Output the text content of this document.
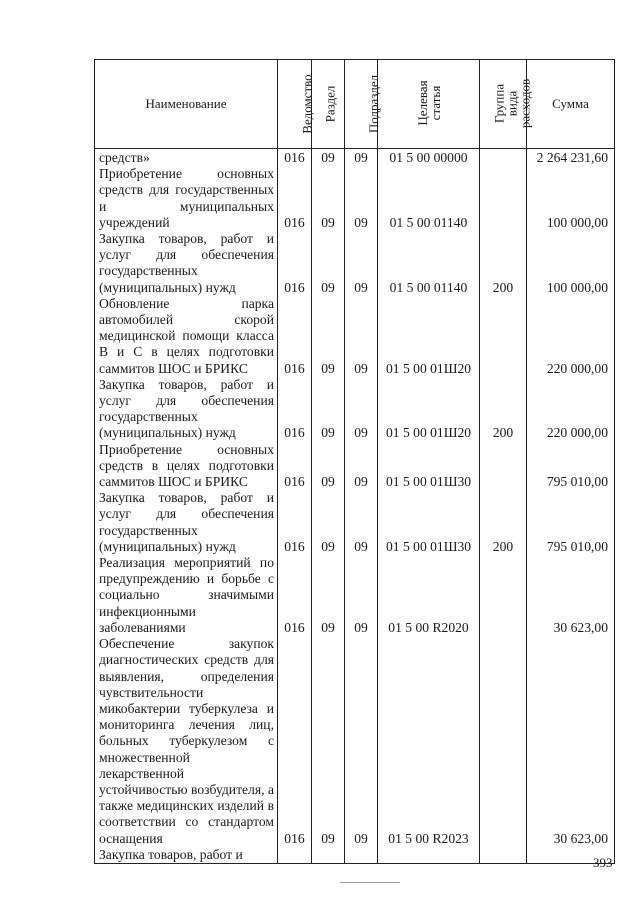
Наименование	Ведомство	Раздел	Подраздел	Целевая статья	Группа вида расходов	Сумма
средств»	016	09	09	01 5 00 00000		2 264 231,60
Приобретение основных средств для государственных и муниципальных учреждений	016	09	09	01 5 00 01140		100 000,00
Закупка товаров, работ и услуг для обеспечения государственных (муниципальных) нужд	016	09	09	01 5 00 01140	200	100 000,00
Обновление парка автомобилей скорой медицинской помощи класса B и C в целях подготовки саммитов ШОС и БРИКС	016	09	09	01 5 00 01Ш20		220 000,00
Закупка товаров, работ и услуг для обеспечения государственных (муниципальных) нужд	016	09	09	01 5 00 01Ш20	200	220 000,00
Приобретение основных средств в целях подготовки саммитов ШОС и БРИКС	016	09	09	01 5 00 01Ш30		795 010,00
Закупка товаров, работ и услуг для обеспечения государственных (муниципальных) нужд	016	09	09	01 5 00 01Ш30	200	795 010,00
Реализация мероприятий по предупреждению и борьбе с социально значимыми инфекционными заболеваниями	016	09	09	01 5 00 R2020		30 623,00
Обеспечение закупок диагностических средств для выявления, определения чувствительности микобактерии туберкулеза и мониторинга лечения лиц, больных туберкулезом с множественной лекарственной устойчивостью возбудителя, а также медицинских изделий в соответствии со стандартом оснащения	016	09	09	01 5 00 R2023		30 623,00
Закупка товаров, работ и						
393
